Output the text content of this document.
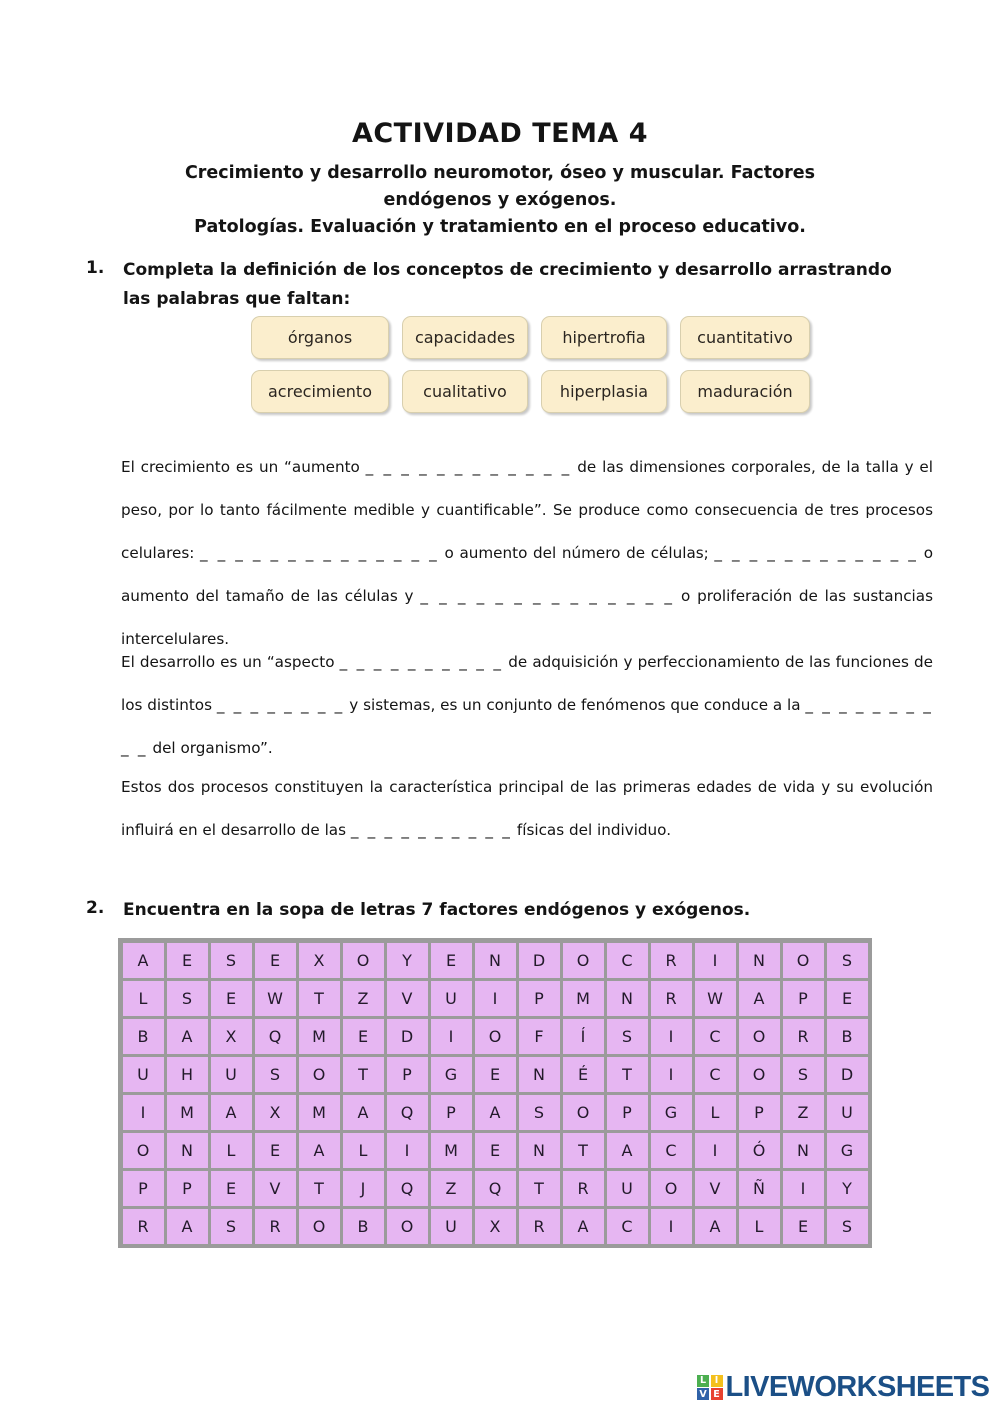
ACTIVIDAD TEMA 4
Crecimiento y desarrollo neuromotor, óseo y muscular. Factores endógenos y exógenos.
Patologías. Evaluación y tratamiento en el proceso educativo.
1. Completa la definición de los conceptos de crecimiento y desarrollo arrastrando las palabras que faltan:
órganos	capacidades	hipertrofia	cuantitativo
acrecimiento	cualitativo	hiperplasia	maduración
El crecimiento es un “aumento _ _ _ _ _ _ _ _ _ _ _ _ de las dimensiones corporales, de la talla y el peso, por lo tanto fácilmente medible y cuantificable”. Se produce como consecuencia de tres procesos celulares: _ _ _ _ _ _ _ _ _ _ _ _ _ _ o aumento del número de células; _ _ _ _ _ _ _ _ _ _ _ _ o aumento del tamaño de las células y _ _ _ _ _ _ _ _ _ _ _ _ _ _ o proliferación de las sustancias intercelulares.
El desarrollo es un “aspecto _ _ _ _ _ _ _ _ _ _ de adquisición y perfeccionamiento de las funciones de los distintos _ _ _ _ _ _ _ _ y sistemas, es un conjunto de fenómenos que conduce a la _ _ _ _ _ _ _ _ _ _ del organismo”.
Estos dos procesos constituyen la característica principal de las primeras edades de vida y su evolución influirá en el desarrollo de las _ _ _ _ _ _ _ _ _ _ físicas del individuo.
2. Encuentra en la sopa de letras 7 factores endógenos y exógenos.
A	E	S	E	X	O	Y	E	N	D	O	C	R	I	N	O	S
L	S	E	W	T	Z	V	U	I	P	M	N	R	W	A	P	E
B	A	X	Q	M	E	D	I	O	F	Í	S	I	C	O	R	B
U	H	U	S	O	T	P	G	E	N	É	T	I	C	O	S	D
I	M	A	X	M	A	Q	P	A	S	O	P	G	L	P	Z	U
O	N	L	E	A	L	I	M	E	N	T	A	C	I	Ó	N	G
P	P	E	V	T	J	Q	Z	Q	T	R	U	O	V	Ñ	I	Y
R	A	S	R	O	B	O	U	X	R	A	C	I	A	L	E	S
L I
V E LIVEWORKSHEETS
